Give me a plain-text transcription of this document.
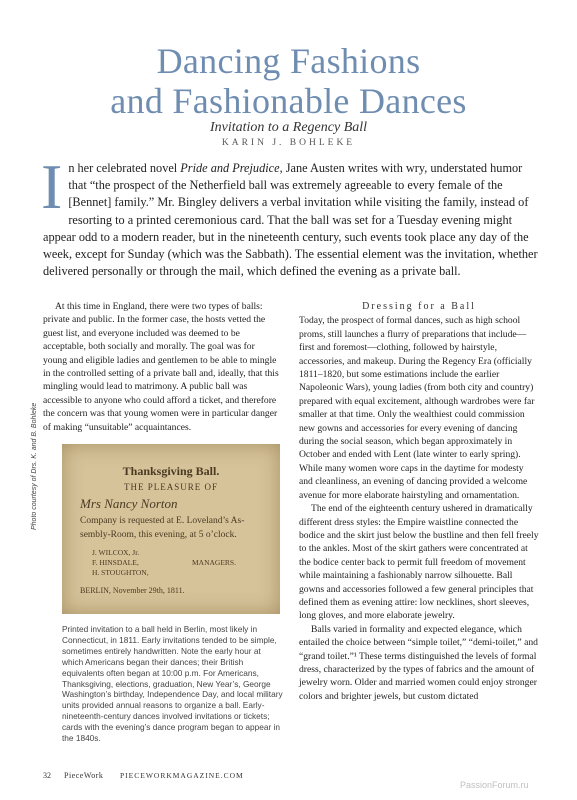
Dancing Fashions
and Fashionable Dances
Invitation to a Regency Ball
KARIN J. BOHLEKE
In her celebrated novel Pride and Prejudice, Jane Austen writes with wry, understated humor that “the prospect of the Netherfield ball was extremely agreeable to every female of the [Bennet] family.” Mr. Bingley delivers a verbal invitation while visiting the family, instead of resorting to a printed ceremonious card. That the ball was set for a Tuesday evening might appear odd to a modern reader, but in the nineteenth century, such events took place any day of the week, except for Sunday (which was the Sabbath). The essential element was the invitation, whether delivered personally or through the mail, which defined the evening as a private ball.

At this time in England, there were two types of balls: private and public. In the former case, the hosts vetted the guest list, and everyone included was deemed to be acceptable, both socially and morally. The goal was for young and eligible ladies and gentlemen to be able to mingle in the controlled setting of a private ball and, ideally, that this mingling would lead to matrimony. A public ball was accessible to anyone who could afford a ticket, and therefore the concern was that young women were in particular danger of making “unsuitable” acquaintances.

Photo courtesy of Drs. K. and B. Bohleke	Thanksgiving Ball.
THE PLEASURE OF
Mrs Nancy Norton
Company is requested at E. Loveland’s As-
sembly-Room, this evening, at 5 o’clock.
J. WILCOX, Jr.
F. HINSDALE,
H. STOUGHTON,
MANAGERS.
BERLIN, November 29th, 1811.
Printed invitation to a ball held in Berlin, most likely in Connecticut, in 1811. Early invitations tended to be simple, sometimes entirely handwritten. Note the early hour at which Americans began their dances; their British equivalents often began at 10:00 p.m. For Americans, Thanksgiving, elections, graduation, New Year’s, George Washington’s birthday, Independence Day, and local military units provided annual reasons to organize a ball. Early-nineteenth-century dances involved invitations or tickets; cards with the evening’s dance program began to appear in the 1840s.

Dressing for a Ball

Today, the prospect of formal dances, such as high school proms, still launches a flurry of preparations that include—first and foremost—clothing, followed by hairstyle, accessories, and makeup. During the Regency Era (officially 1811–1820, but some estimations include the earlier Napoleonic Wars), young ladies (from both city and country) prepared with equal excitement, although wardrobes were far smaller at that time. Only the wealthiest could commission new gowns and accessories for every evening of dancing during the social season, which began approximately in October and ended with Lent (late winter to early spring). While many women wore caps in the daytime for modesty and cleanliness, an evening of dancing provided a welcome avenue for more elaborate hairstyling and ornamentation.

The end of the eighteenth century ushered in dramatically different dress styles: the Empire waistline connected the bodice and the skirt just below the bustline and then fell freely to the ankles. Most of the skirt gathers were concentrated at the bodice center back to permit full freedom of movement while maintaining a fashionably narrow silhouette. Ball gowns and accessories followed a few general principles that defined them as evening attire: low necklines, short sleeves, long gloves, and more elaborate jewelry.

Balls varied in formality and expected elegance, which entailed the choice between “simple toilet,” “demi-toilet,” and “grand toilet.”¹ These terms distinguished the levels of formal dress, characterized by the types of fabrics and the amount of jewelry worn. Older and married women could enjoy stronger colors and brighter jewels, but custom dictated

32 PieceWork PIECEWORKMAGAZINE.COM
PassionForum.ru
